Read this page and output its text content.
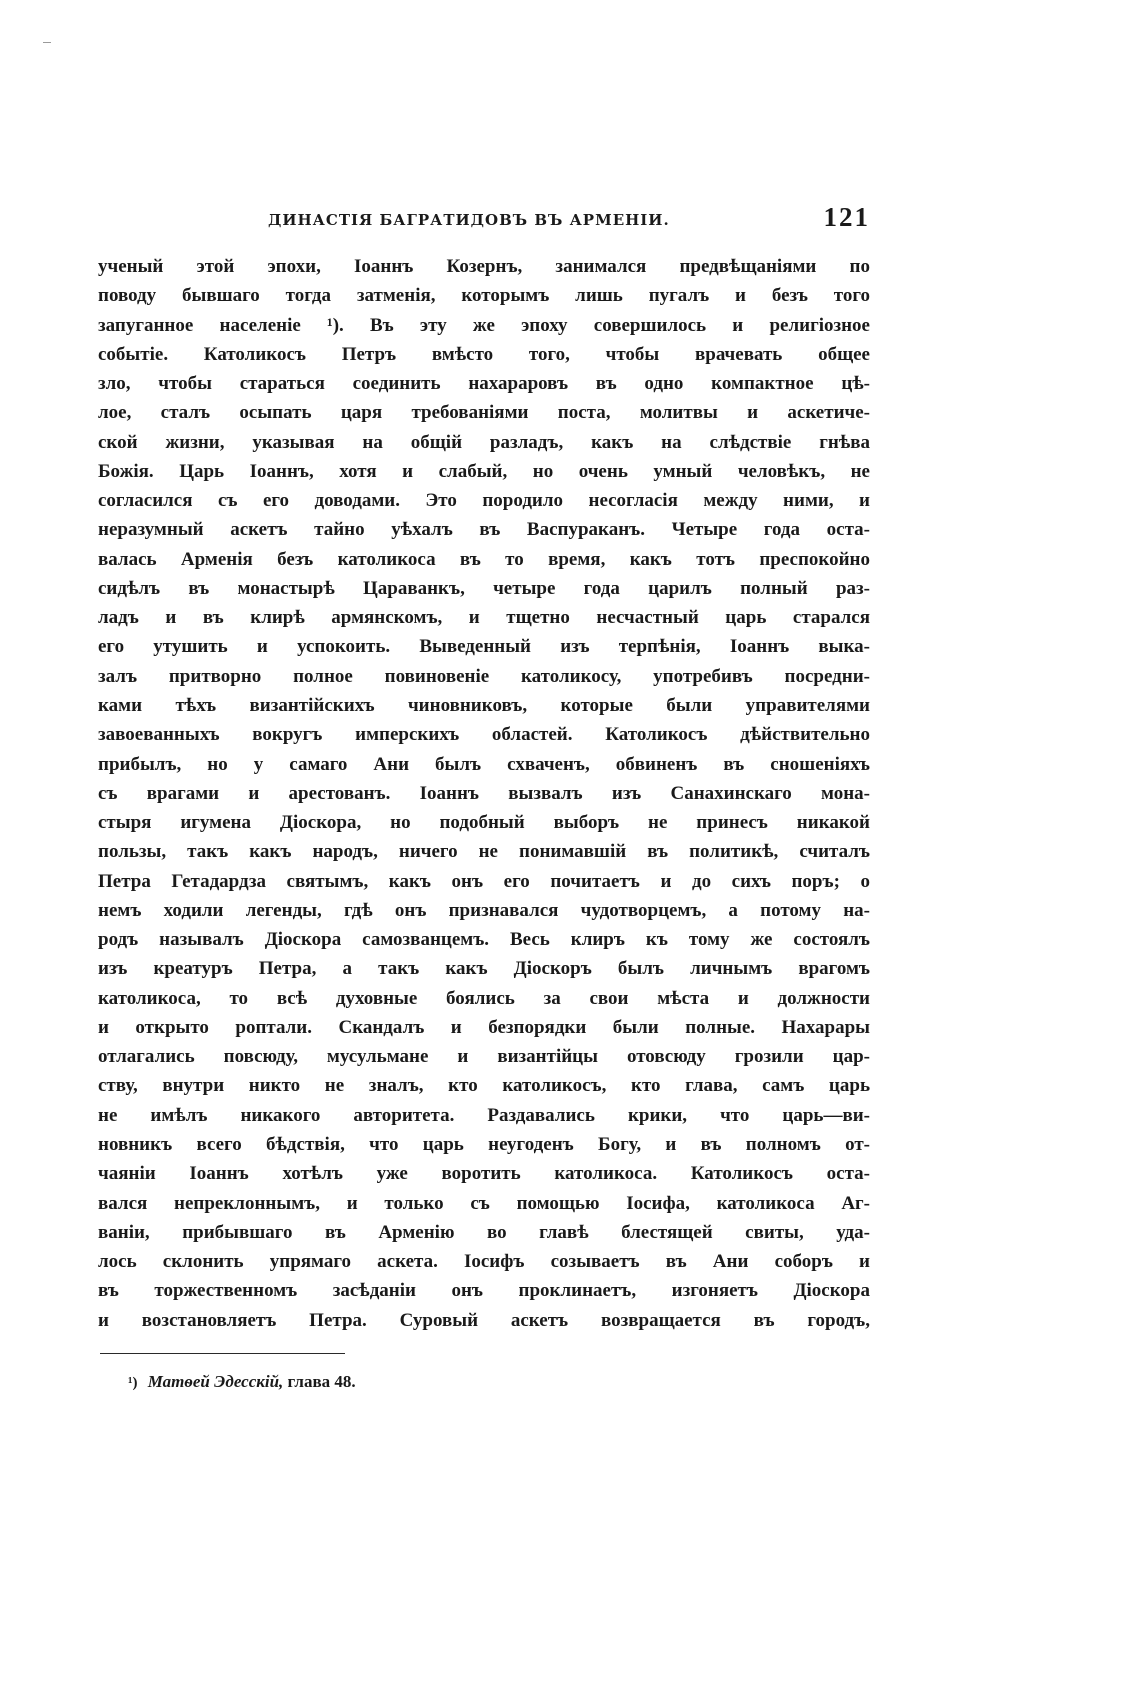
ДИНАСТІЯ БАГРАТИДОВЪ ВЪ АРМЕНІИ.	121
ученый этой эпохи, Іоаннъ Козернъ, занимался предвѣщаніями по
поводу бывшаго тогда затменія, которымъ лишь пугалъ и безъ того
запуганное населеніе ¹). Въ эту же эпоху совершилось и религіозное
событіе. Католикосъ Петръ вмѣсто того, чтобы врачевать общее
зло, чтобы стараться соединить нахараровъ въ одно компактное цѣ-
лое, сталъ осыпать царя требованіями поста, молитвы и аскетиче-
ской жизни, указывая на общій разладъ, какъ на слѣдствіе гнѣва
Божія. Царь Іоаннъ, хотя и слабый, но очень умный человѣкъ, не
согласился съ его доводами. Это породило несогласія между ними, и
неразумный аскетъ тайно уѣхалъ въ Васпураканъ. Четыре года оста-
валась Арменія безъ католикоса въ то время, какъ тотъ преспокойно
сидѣлъ въ монастырѣ Цараванкъ, четыре года царилъ полный раз-
ладъ и въ клирѣ армянскомъ, и тщетно несчастный царь старался
его утушить и успокоить. Выведенный изъ терпѣнія, Іоаннъ выка-
залъ притворно полное повиновеніе католикосу, употребивъ посредни-
ками тѣхъ византійскихъ чиновниковъ, которые были управителями
завоеванныхъ вокругъ имперскихъ областей. Католикосъ дѣйствительно
прибылъ, но у самаго Ани былъ схваченъ, обвиненъ въ сношеніяхъ
съ врагами и арестованъ. Іоаннъ вызвалъ изъ Санахинскаго мона-
стыря игумена Діоскора, но подобный выборъ не принесъ никакой
пользы, такъ какъ народъ, ничего не понимавшій въ политикѣ, считалъ
Петра Гетадардза святымъ, какъ онъ его почитаетъ и до сихъ поръ; о
немъ ходили легенды, гдѣ онъ признавался чудотворцемъ, а потому на-
родъ называлъ Діоскора самозванцемъ. Весь клиръ къ тому же состоялъ
изъ креатуръ Петра, а такъ какъ Діоскоръ былъ личнымъ врагомъ
католикоса, то всѣ духовные боялись за свои мѣста и должности
и открыто роптали. Скандалъ и безпорядки были полные. Нахарары
отлагались повсюду, мусульмане и византійцы отовсюду грозили цар-
ству, внутри никто не зналъ, кто католикосъ, кто глава, самъ царь
не имѣлъ никакого авторитета. Раздавались крики, что царь—ви-
новникъ всего бѣдствія, что царь неугоденъ Богу, и въ полномъ от-
чаяніи Іоаннъ хотѣлъ уже воротить католикоса. Католикосъ оста-
вался непреклоннымъ, и только съ помощью Іосифа, католикоса Аг-
ваніи, прибывшаго въ Арменію во главѣ блестящей свиты, уда-
лось склонить упрямаго аскета. Іосифъ созываетъ въ Ани соборъ и
въ торжественномъ засѣданіи онъ проклинаетъ, изгоняетъ Діоскора
и возстановляетъ Петра. Суровый аскетъ возвращается въ городъ,
¹) Матѳей Эдесскій, глава 48.
